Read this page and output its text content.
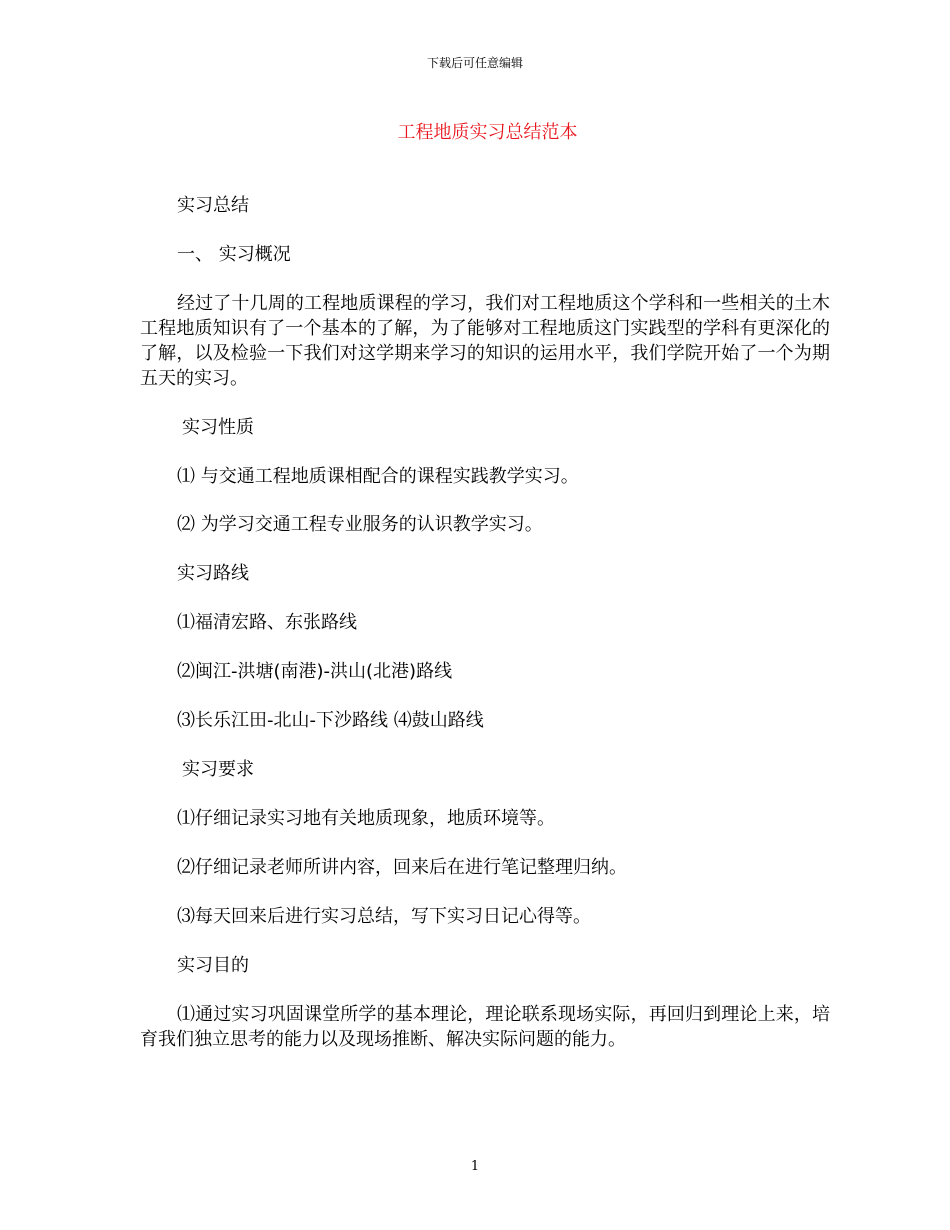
下载后可任意编辑
工程地质实习总结范本

实习总结

一、 实习概况

经过了十几周的工程地质课程的学习，我们对工程地质这个学科和一些相关的土木工程地质知识有了一个基本的了解，为了能够对工程地质这门实践型的学科有更深化的了解，以及检验一下我们对这学期来学习的知识的运用水平，我们学院开始了一个为期五天的实习。

实习性质

⑴ 与交通工程地质课相配合的课程实践教学实习。

⑵ 为学习交通工程专业服务的认识教学实习。

实习路线

⑴福清宏路、东张路线

⑵闽江-洪塘(南港)-洪山(北港)路线

⑶长乐江田-北山-下沙路线 ⑷鼓山路线

实习要求

⑴仔细记录实习地有关地质现象，地质环境等。

⑵仔细记录老师所讲内容，回来后在进行笔记整理归纳。

⑶每天回来后进行实习总结，写下实习日记心得等。

实习目的

⑴通过实习巩固课堂所学的基本理论，理论联系现场实际，再回归到理论上来，培育我们独立思考的能力以及现场推断、解决实际问题的能力。

1
